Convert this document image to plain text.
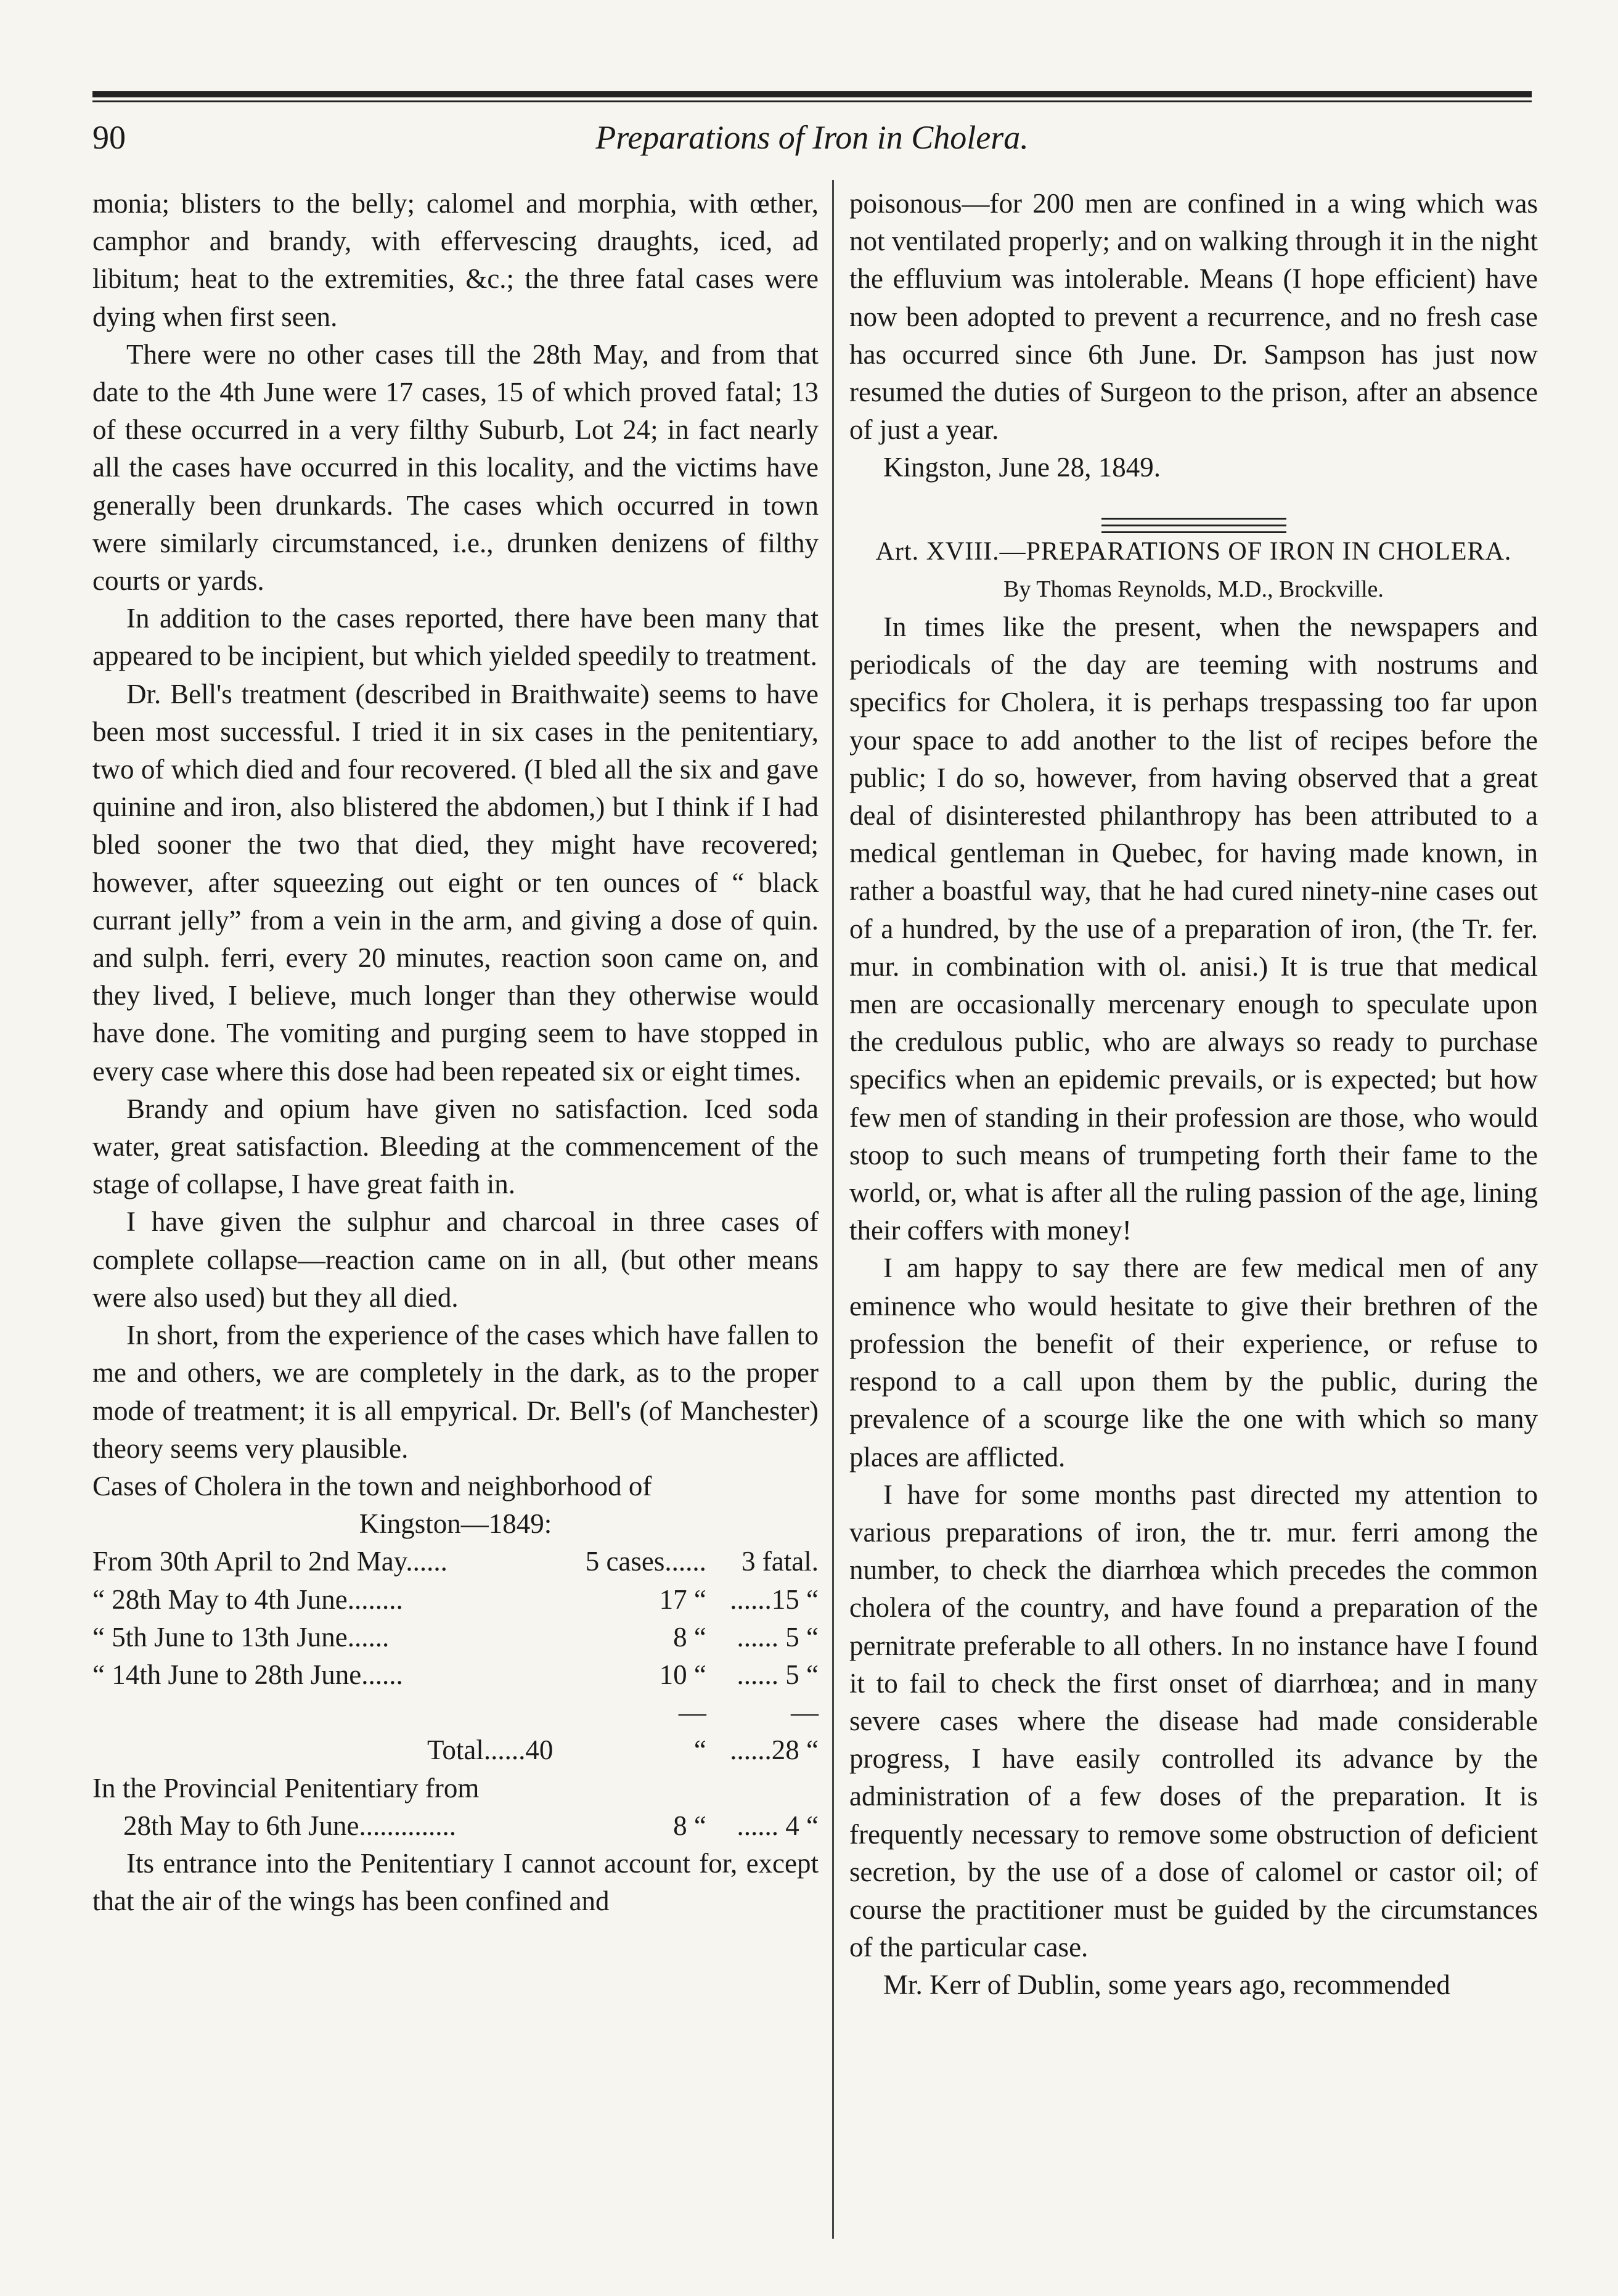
90	Preparations of Iron in Cholera.

monia; blisters to the belly; calomel and morphia, with œther, camphor and brandy, with effervescing draughts, iced, ad libitum; heat to the extremities, &c.; the three fatal cases were dying when first seen.

There were no other cases till the 28th May, and from that date to the 4th June were 17 cases, 15 of which proved fatal; 13 of these occurred in a very filthy Suburb, Lot 24; in fact nearly all the cases have occurred in this locality, and the victims have generally been drunkards. The cases which occurred in town were similarly circumstanced, i.e., drunken denizens of filthy courts or yards.

In addition to the cases reported, there have been many that appeared to be incipient, but which yielded speedily to treatment.

Dr. Bell's treatment (described in Braithwaite) seems to have been most successful. I tried it in six cases in the penitentiary, two of which died and four recovered. (I bled all the six and gave quinine and iron, also blistered the abdomen,) but I think if I had bled sooner the two that died, they might have recovered; however, after squeezing out eight or ten ounces of “ black currant jelly” from a vein in the arm, and giving a dose of quin. and sulph. ferri, every 20 minutes, reaction soon came on, and they lived, I believe, much longer than they otherwise would have done. The vomiting and purging seem to have stopped in every case where this dose had been repeated six or eight times.

Brandy and opium have given no satisfaction. Iced soda water, great satisfaction. Bleeding at the commencement of the stage of collapse, I have great faith in.

I have given the sulphur and charcoal in three cases of complete collapse—reaction came on in all, (but other means were also used) but they all died.

In short, from the experience of the cases which have fallen to me and others, we are completely in the dark, as to the proper mode of treatment; it is all empyrical. Dr. Bell's (of Manchester) theory seems very plausible.

Cases of Cholera in the town and neighborhood of

Kingston—1849:

From 30th April to 2nd May......	5 cases......	3 fatal.
“ 28th May to 4th June........	17 “	......15 “
“ 5th June to 13th June......	8 “	...... 5 “
“ 14th June to 28th June......	10 “	...... 5 “
	—	—
Total......40	“	......28 “
In the Provincial Penitentiary from		
28th May to 6th June..............	8 “	...... 4 “

Its entrance into the Penitentiary I cannot account for, except that the air of the wings has been confined and

poisonous—for 200 men are confined in a wing which was not ventilated properly; and on walking through it in the night the effluvium was intolerable. Means (I hope efficient) have now been adopted to prevent a recurrence, and no fresh case has occurred since 6th June. Dr. Sampson has just now resumed the duties of Surgeon to the prison, after an absence of just a year.

Kingston, June 28, 1849.

Art. XVIII.—PREPARATIONS OF IRON IN CHOLERA.

By Thomas Reynolds, M.D., Brockville.

In times like the present, when the newspapers and periodicals of the day are teeming with nostrums and specifics for Cholera, it is perhaps trespassing too far upon your space to add another to the list of recipes before the public; I do so, however, from having observed that a great deal of disinterested philanthropy has been attributed to a medical gentleman in Quebec, for having made known, in rather a boastful way, that he had cured ninety-nine cases out of a hundred, by the use of a preparation of iron, (the Tr. fer. mur. in combination with ol. anisi.) It is true that medical men are occasionally mercenary enough to speculate upon the credulous public, who are always so ready to purchase specifics when an epidemic prevails, or is expected; but how few men of standing in their profession are those, who would stoop to such means of trumpeting forth their fame to the world, or, what is after all the ruling passion of the age, lining their coffers with money!

I am happy to say there are few medical men of any eminence who would hesitate to give their brethren of the profession the benefit of their experience, or refuse to respond to a call upon them by the public, during the prevalence of a scourge like the one with which so many places are afflicted.

I have for some months past directed my attention to various preparations of iron, the tr. mur. ferri among the number, to check the diarrhœa which precedes the common cholera of the country, and have found a preparation of the pernitrate preferable to all others. In no instance have I found it to fail to check the first onset of diarrhœa; and in many severe cases where the disease had made considerable progress, I have easily controlled its advance by the administration of a few doses of the preparation. It is frequently necessary to remove some obstruction of deficient secretion, by the use of a dose of calomel or castor oil; of course the practitioner must be guided by the circumstances of the particular case.

Mr. Kerr of Dublin, some years ago, recommended
